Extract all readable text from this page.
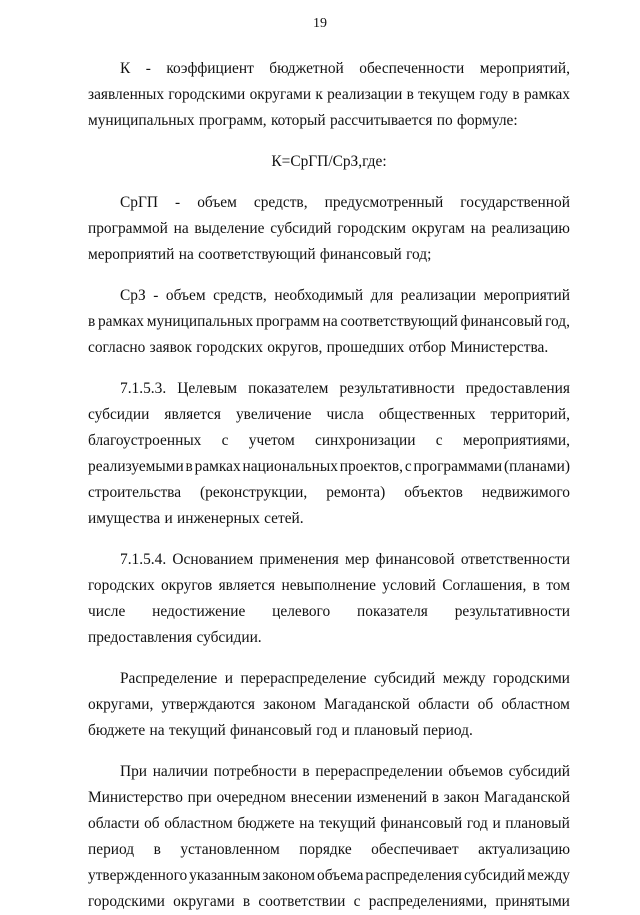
19
К - коэффициент бюджетной обеспеченности мероприятий,
заявленных городскими округами к реализации в текущем году в рамках
муниципальных программ, который рассчитывается по формуле:
К = СрГП / СрЗ, где:
СрГП - объем средств, предусмотренный государственной
программой на выделение субсидий городским округам на реализацию
мероприятий на соответствующий финансовый год;
СрЗ - объем средств, необходимый для реализации мероприятий
в рамках муниципальных программ на соответствующий финансовый год,
согласно заявок городских округов, прошедших отбор Министерства.
7.1.5.3. Целевым показателем результативности предоставления
субсидии является увеличение числа общественных территорий,
благоустроенных с учетом синхронизации с мероприятиями,
реализуемыми в рамках национальных проектов, с программами (планами)
строительства (реконструкции, ремонта) объектов недвижимого
имущества и инженерных сетей.
7.1.5.4. Основанием применения мер финансовой ответственности
городских округов является невыполнение условий Соглашения, в том
числе недостижение целевого показателя результативности
предоставления субсидии.
Распределение и перераспределение субсидий между городскими
округами, утверждаются законом Магаданской области об областном
бюджете на текущий финансовый год и плановый период.
При наличии потребности в перераспределении объемов субсидий
Министерство при очередном внесении изменений в закон Магаданской
области об областном бюджете на текущий финансовый год и плановый
период в установленном порядке обеспечивает актуализацию
утвержденного указанным законом объема распределения субсидий между
городскими округами в соответствии с распределениями, принятыми
